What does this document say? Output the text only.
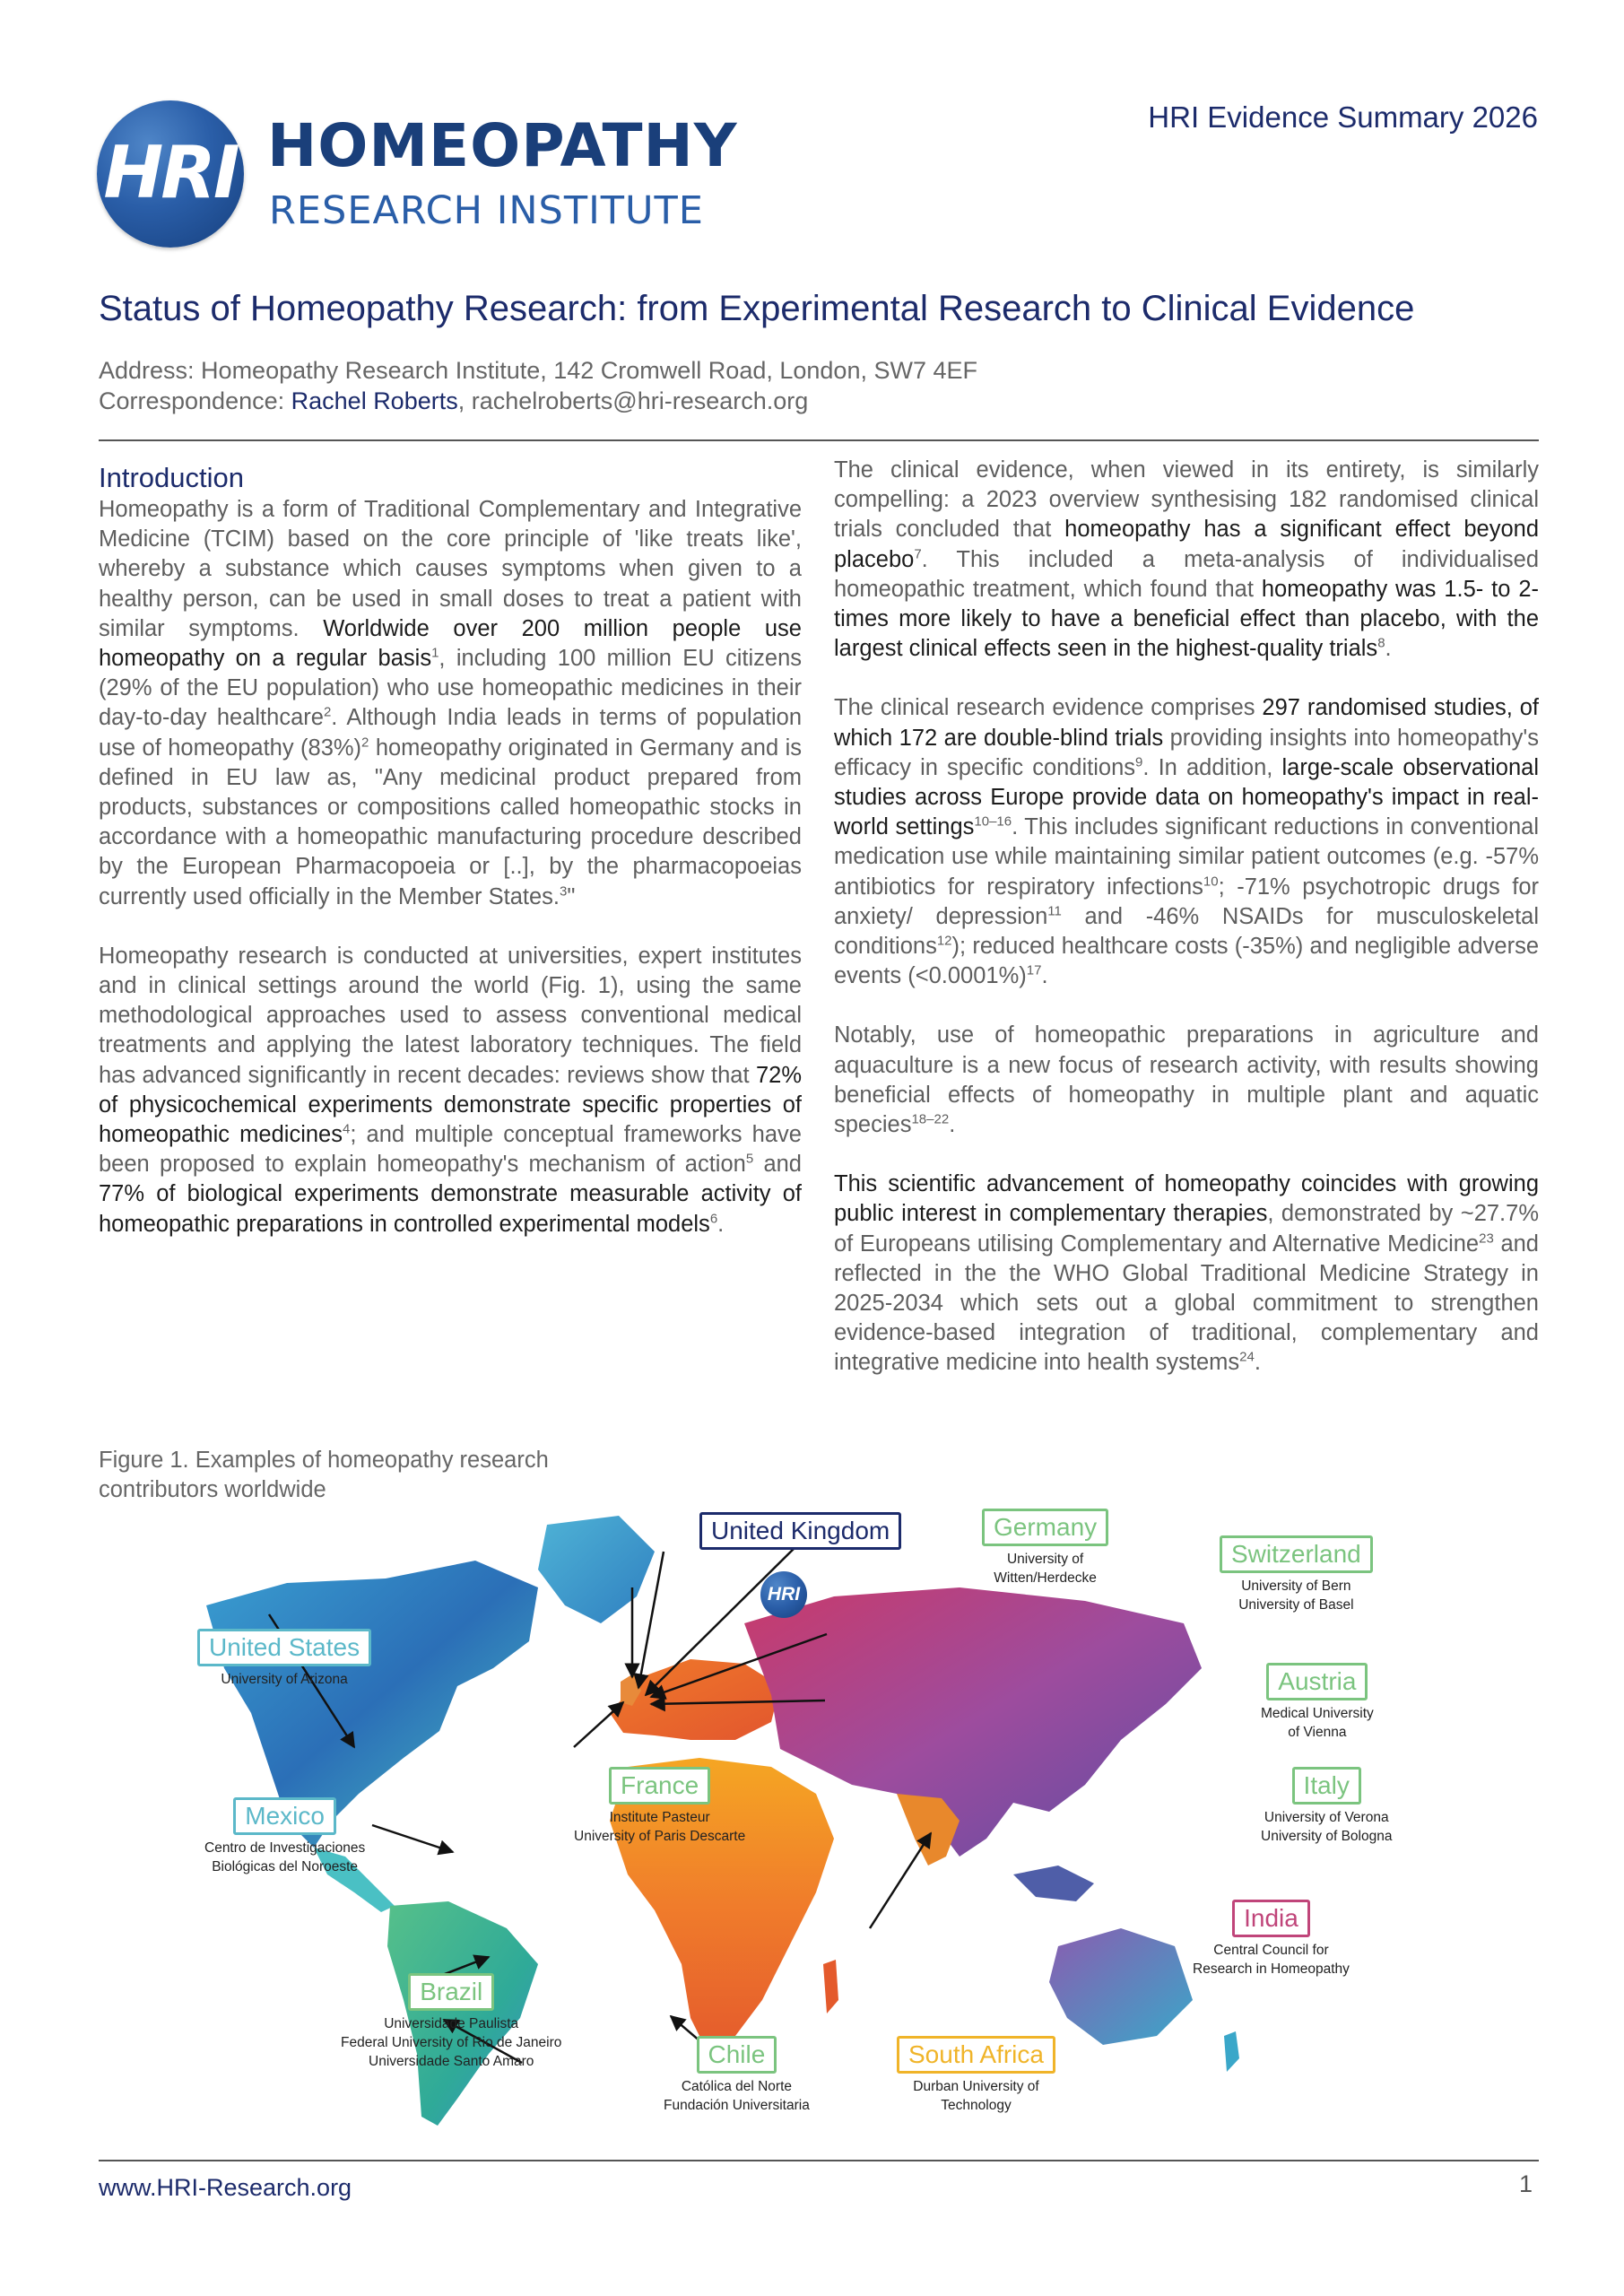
HRI HOMEOPATHY
RESEARCH INSTITUTE
HRI Evidence Summary 2026
Status of Homeopathy Research: from Experimental Research to Clinical Evidence
Address: Homeopathy Research Institute, 142 Cromwell Road, London, SW7 4EF
Correspondence: Rachel Roberts, rachelroberts@hri-research.org
Introduction

Homeopathy is a form of Traditional Complementary and Integrative Medicine (TCIM) based on the core principle of 'like treats like', whereby a substance which causes symptoms when given to a healthy person, can be used in small doses to treat a patient with similar symptoms. Worldwide over 200 million people use homeopathy on a regular basis$^1$, including 100 million EU citizens (29% of the EU population) who use homeopathic medicines in their day-to-day healthcare$^2$. Although India leads in terms of population use of homeopathy $(83\%)^2$ homeopathy originated in Germany and is defined in EU law as, "Any medicinal product prepared from products, substances or compositions called homeopathic stocks in accordance with a homeopathic manufacturing procedure described by the European Pharmacopoeia or [..], by the pharmacopoeias currently used officially in the Member States.$^3$"

Homeopathy research is conducted at universities, expert institutes and in clinical settings around the world (Fig. 1), using the same methodological approaches used to assess conventional medical treatments and applying the latest laboratory techniques. The field has advanced significantly in recent decades: reviews show that 72% of physicochemical experiments demonstrate specific properties of homeopathic medicines$^4$; and multiple conceptual frameworks have been proposed to explain homeopathy's mechanism of action$^5$ and 77% of biological experiments demonstrate measurable activity of homeopathic preparations in controlled experimental models$^6$.

The clinical evidence, when viewed in its entirety, is similarly compelling: a 2023 overview synthesising 182 randomised clinical trials concluded that homeopathy has a significant effect beyond placebo$^7$. This included a meta-analysis of individualised homeopathic treatment, which found that homeopathy was 1.5- to 2-times more likely to have a beneficial effect than placebo, with the largest clinical effects seen in the highest-quality trials$^8$.

The clinical research evidence comprises 297 randomised studies, of which 172 are double-blind trials providing insights into homeopathy's efficacy in specific conditions$^9$. In addition, large-scale observational studies across Europe provide data on homeopathy's impact in real-world settings$^{10-16}$. This includes significant reductions in conventional medication use while maintaining similar patient outcomes (e.g. -57% antibiotics for respiratory infections$^{10}$; -71% psychotropic drugs for anxiety/ depression$^{11}$ and -46% NSAIDs for musculoskeletal conditions$^{12}$); reduced healthcare costs (-35%) and negligible adverse events (<0.0001%)$^{17}$.

Notably, use of homeopathic preparations in agriculture and aquaculture is a new focus of research activity, with results showing beneficial effects of homeopathy in multiple plant and aquatic species$^{18-22}$.

This scientific advancement of homeopathy coincides with growing public interest in complementary therapies, demonstrated by ~27.7% of Europeans utilising Complementary and Alternative Medicine$^{23}$ and reflected in the the WHO Global Traditional Medicine Strategy in 2025-2034 which sets out a global commitment to strengthen evidence-based integration of traditional, complementary and integrative medicine into health systems$^{24}$.

Figure 1. Examples of homeopathy research contributors worldwide
HRI
United Kingdom	Germany
University of
Witten/Herdecke
Switzerland
University of Bern
University of Basel
United States
University of Arizona	Austria
Medical University
of Vienna
France
Institute Pasteur
University of Paris Descarte
Italy
University of Verona
University of Bologna
Mexico
Centro de Investigaciones
Biológicas del Noroeste
India
Central Council for
Research in Homeopathy
Brazil
Universidade Paulista
Federal University of Rio de Janeiro
Universidade Santo Amaro	Chile
Católica del Norte
Fundación Universitaria
South Africa
Durban University of
Technology
www.HRI-Research.org	1
